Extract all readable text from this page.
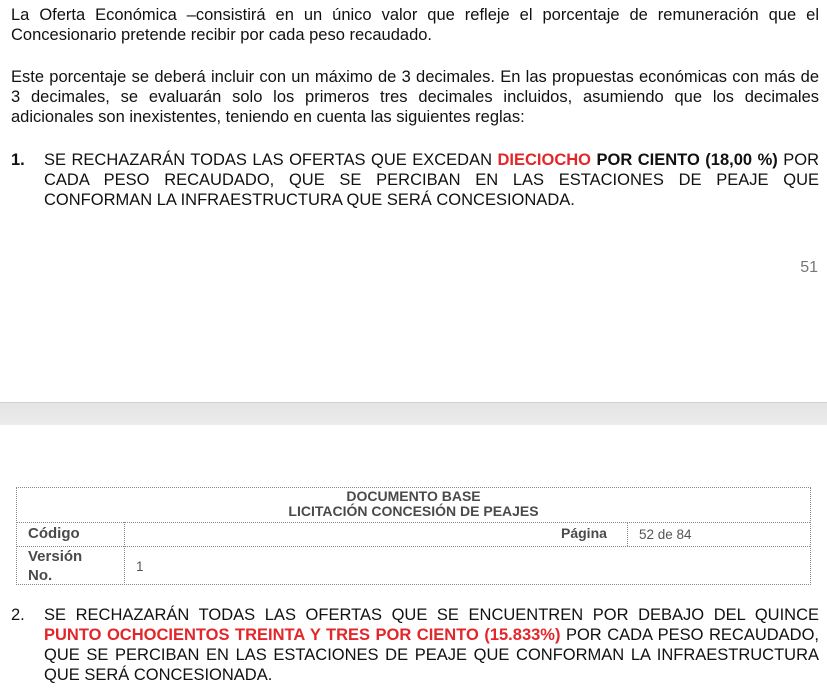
La Oferta Económica –consistirá en un único valor que refleje el porcentaje de remuneración que el Concesionario pretende recibir por cada peso recaudado.

Este porcentaje se deberá incluir con un máximo de 3 decimales. En las propuestas económicas con más de 3 decimales, se evaluarán solo los primeros tres decimales incluidos, asumiendo que los decimales adicionales son inexistentes, teniendo en cuenta las siguientes reglas:

1. SE RECHAZARÁN TODAS LAS OFERTAS QUE EXCEDAN DIECIOCHO POR CIENTO (18,00 %) POR CADA PESO RECAUDADO, QUE SE PERCIBAN EN LAS ESTACIONES DE PEAJE QUE CONFORMAN LA INFRAESTRUCTURA QUE SERÁ CONCESIONADA.
51
DOCUMENTO BASE
LICITACIÓN CONCESIÓN DE PEAJES
Código	Página 52 de 84
Versión No.
1
2. SE RECHAZARÁN TODAS LAS OFERTAS QUE SE ENCUENTREN POR DEBAJO DEL QUINCE PUNTO OCHOCIENTOS TREINTA Y TRES POR CIENTO (15.833%) POR CADA PESO RECAUDADO, QUE SE PERCIBAN EN LAS ESTACIONES DE PEAJE QUE CONFORMAN LA INFRAESTRUCTURA QUE SERÁ CONCESIONADA.
